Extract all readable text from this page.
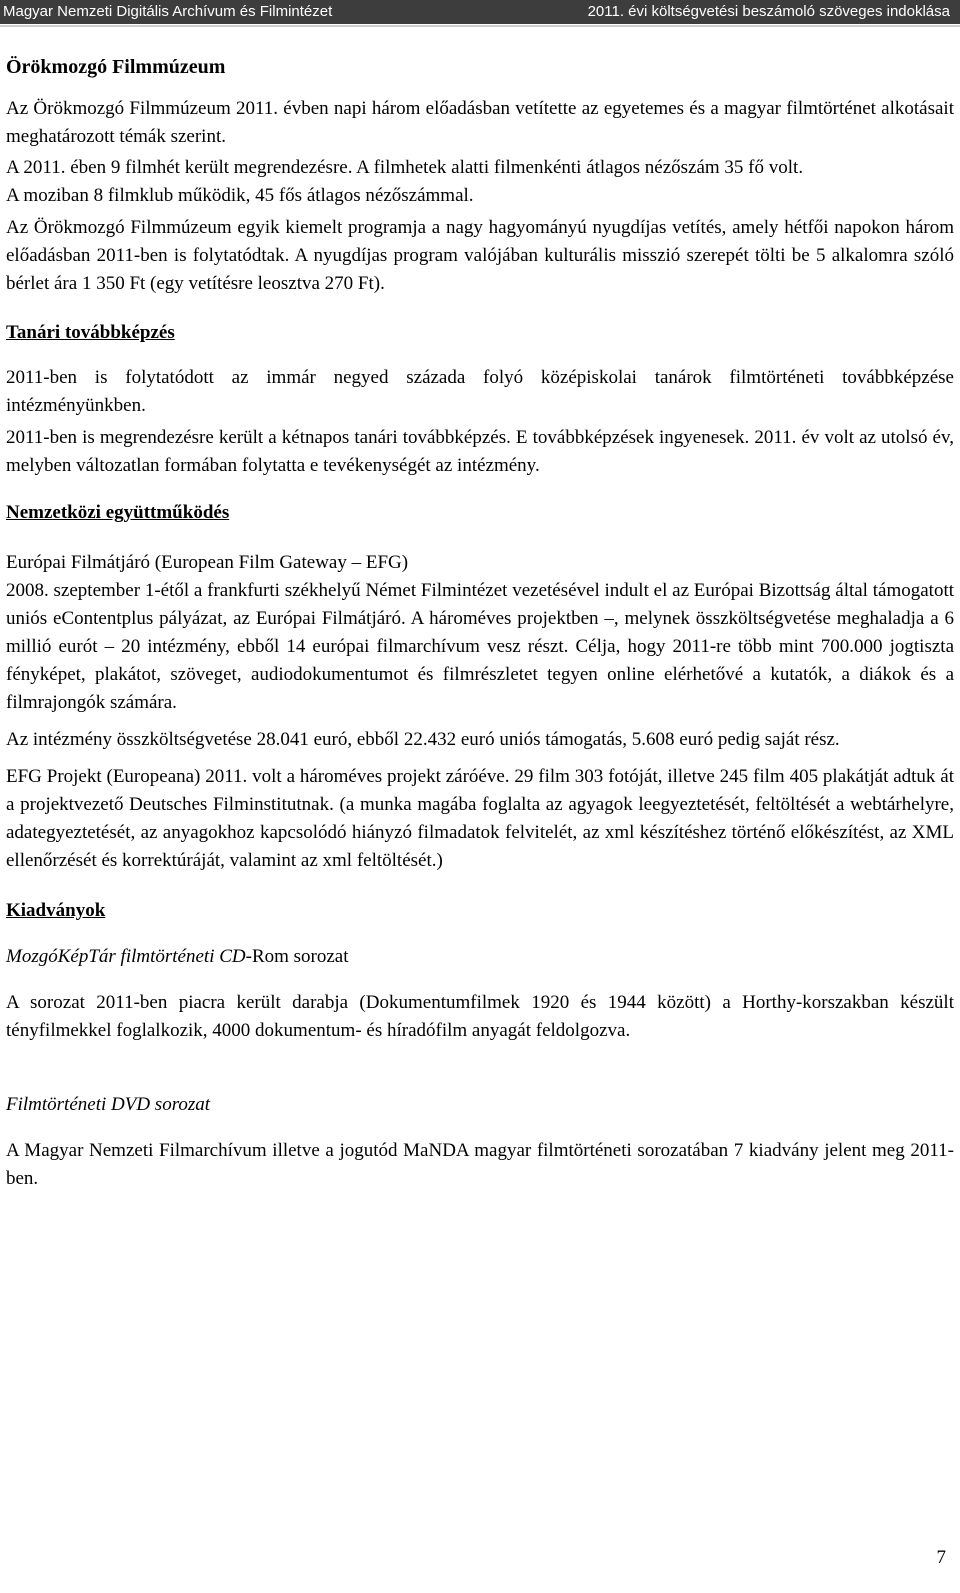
Magyar Nemzeti Digitális Archívum és Filmintézet	2011. évi költségvetési beszámoló szöveges indoklása

Örökmozgó Filmmúzeum

Az Örökmozgó Filmmúzeum 2011. évben napi három előadásban vetítette az egyetemes és a magyar filmtörténet alkotásait meghatározott témák szerint.

A 2011. ében 9 filmhét került megrendezésre. A filmhetek alatti filmenkénti átlagos nézőszám 35 fő volt.

A moziban 8 filmklub működik, 45 fős átlagos nézőszámmal.

Az Örökmozgó Filmmúzeum egyik kiemelt programja a nagy hagyományú nyugdíjas vetítés, amely hétfői napokon három előadásban 2011-ben is folytatódtak. A nyugdíjas program valójában kulturális misszió szerepét tölti be 5 alkalomra szóló bérlet ára 1 350 Ft (egy vetítésre leosztva 270 Ft).

Tanári továbbképzés

2011-ben is folytatódott az immár negyed százada folyó középiskolai tanárok filmtörténeti továbbképzése intézményünkben.

2011-ben is megrendezésre került a kétnapos tanári továbbképzés. E továbbképzések ingyenesek. 2011. év volt az utolsó év, melyben változatlan formában folytatta e tevékenységét az intézmény.

Nemzetközi együttműködés

Európai Filmátjáró (European Film Gateway – EFG)

2008. szeptember 1-étől a frankfurti székhelyű Német Filmintézet vezetésével indult el az Európai Bizottság által támogatott uniós eContentplus pályázat, az Európai Filmátjáró. A hároméves projektben –, melynek összköltségvetése meghaladja a 6 millió eurót – 20 intézmény, ebből 14 európai filmarchívum vesz részt. Célja, hogy 2011-re több mint 700.000 jogtiszta fényképet, plakátot, szöveget, audiodokumentumot és filmrészletet tegyen online elérhetővé a kutatók, a diákok és a filmrajongók számára.

Az intézmény összköltségvetése 28.041 euró, ebből 22.432 euró uniós támogatás, 5.608 euró pedig saját rész.

EFG Projekt (Europeana) 2011. volt a hároméves projekt záróéve. 29 film 303 fotóját, illetve 245 film 405 plakátját adtuk át a projektvezető Deutsches Filminstitutnak. (a munka magába foglalta az agyagok leegyeztetését, feltöltését a webtárhelyre, adategyeztetését, az anyagokhoz kapcsolódó hiányzó filmadatok felvitelét, az xml készítéshez történő előkészítést, az XML ellenőrzését és korrektúráját, valamint az xml feltöltését.)

Kiadványok

MozgóKépTár filmtörténeti CD-Rom sorozat

A sorozat 2011-ben piacra került darabja (Dokumentumfilmek 1920 és 1944 között) a Horthy-korszakban készült tényfilmekkel foglalkozik, 4000 dokumentum- és híradófilm anyagát feldolgozva.

Filmtörténeti DVD sorozat

A Magyar Nemzeti Filmarchívum illetve a jogutód MaNDA magyar filmtörténeti sorozatában 7 kiadvány jelent meg 2011-ben.

7
